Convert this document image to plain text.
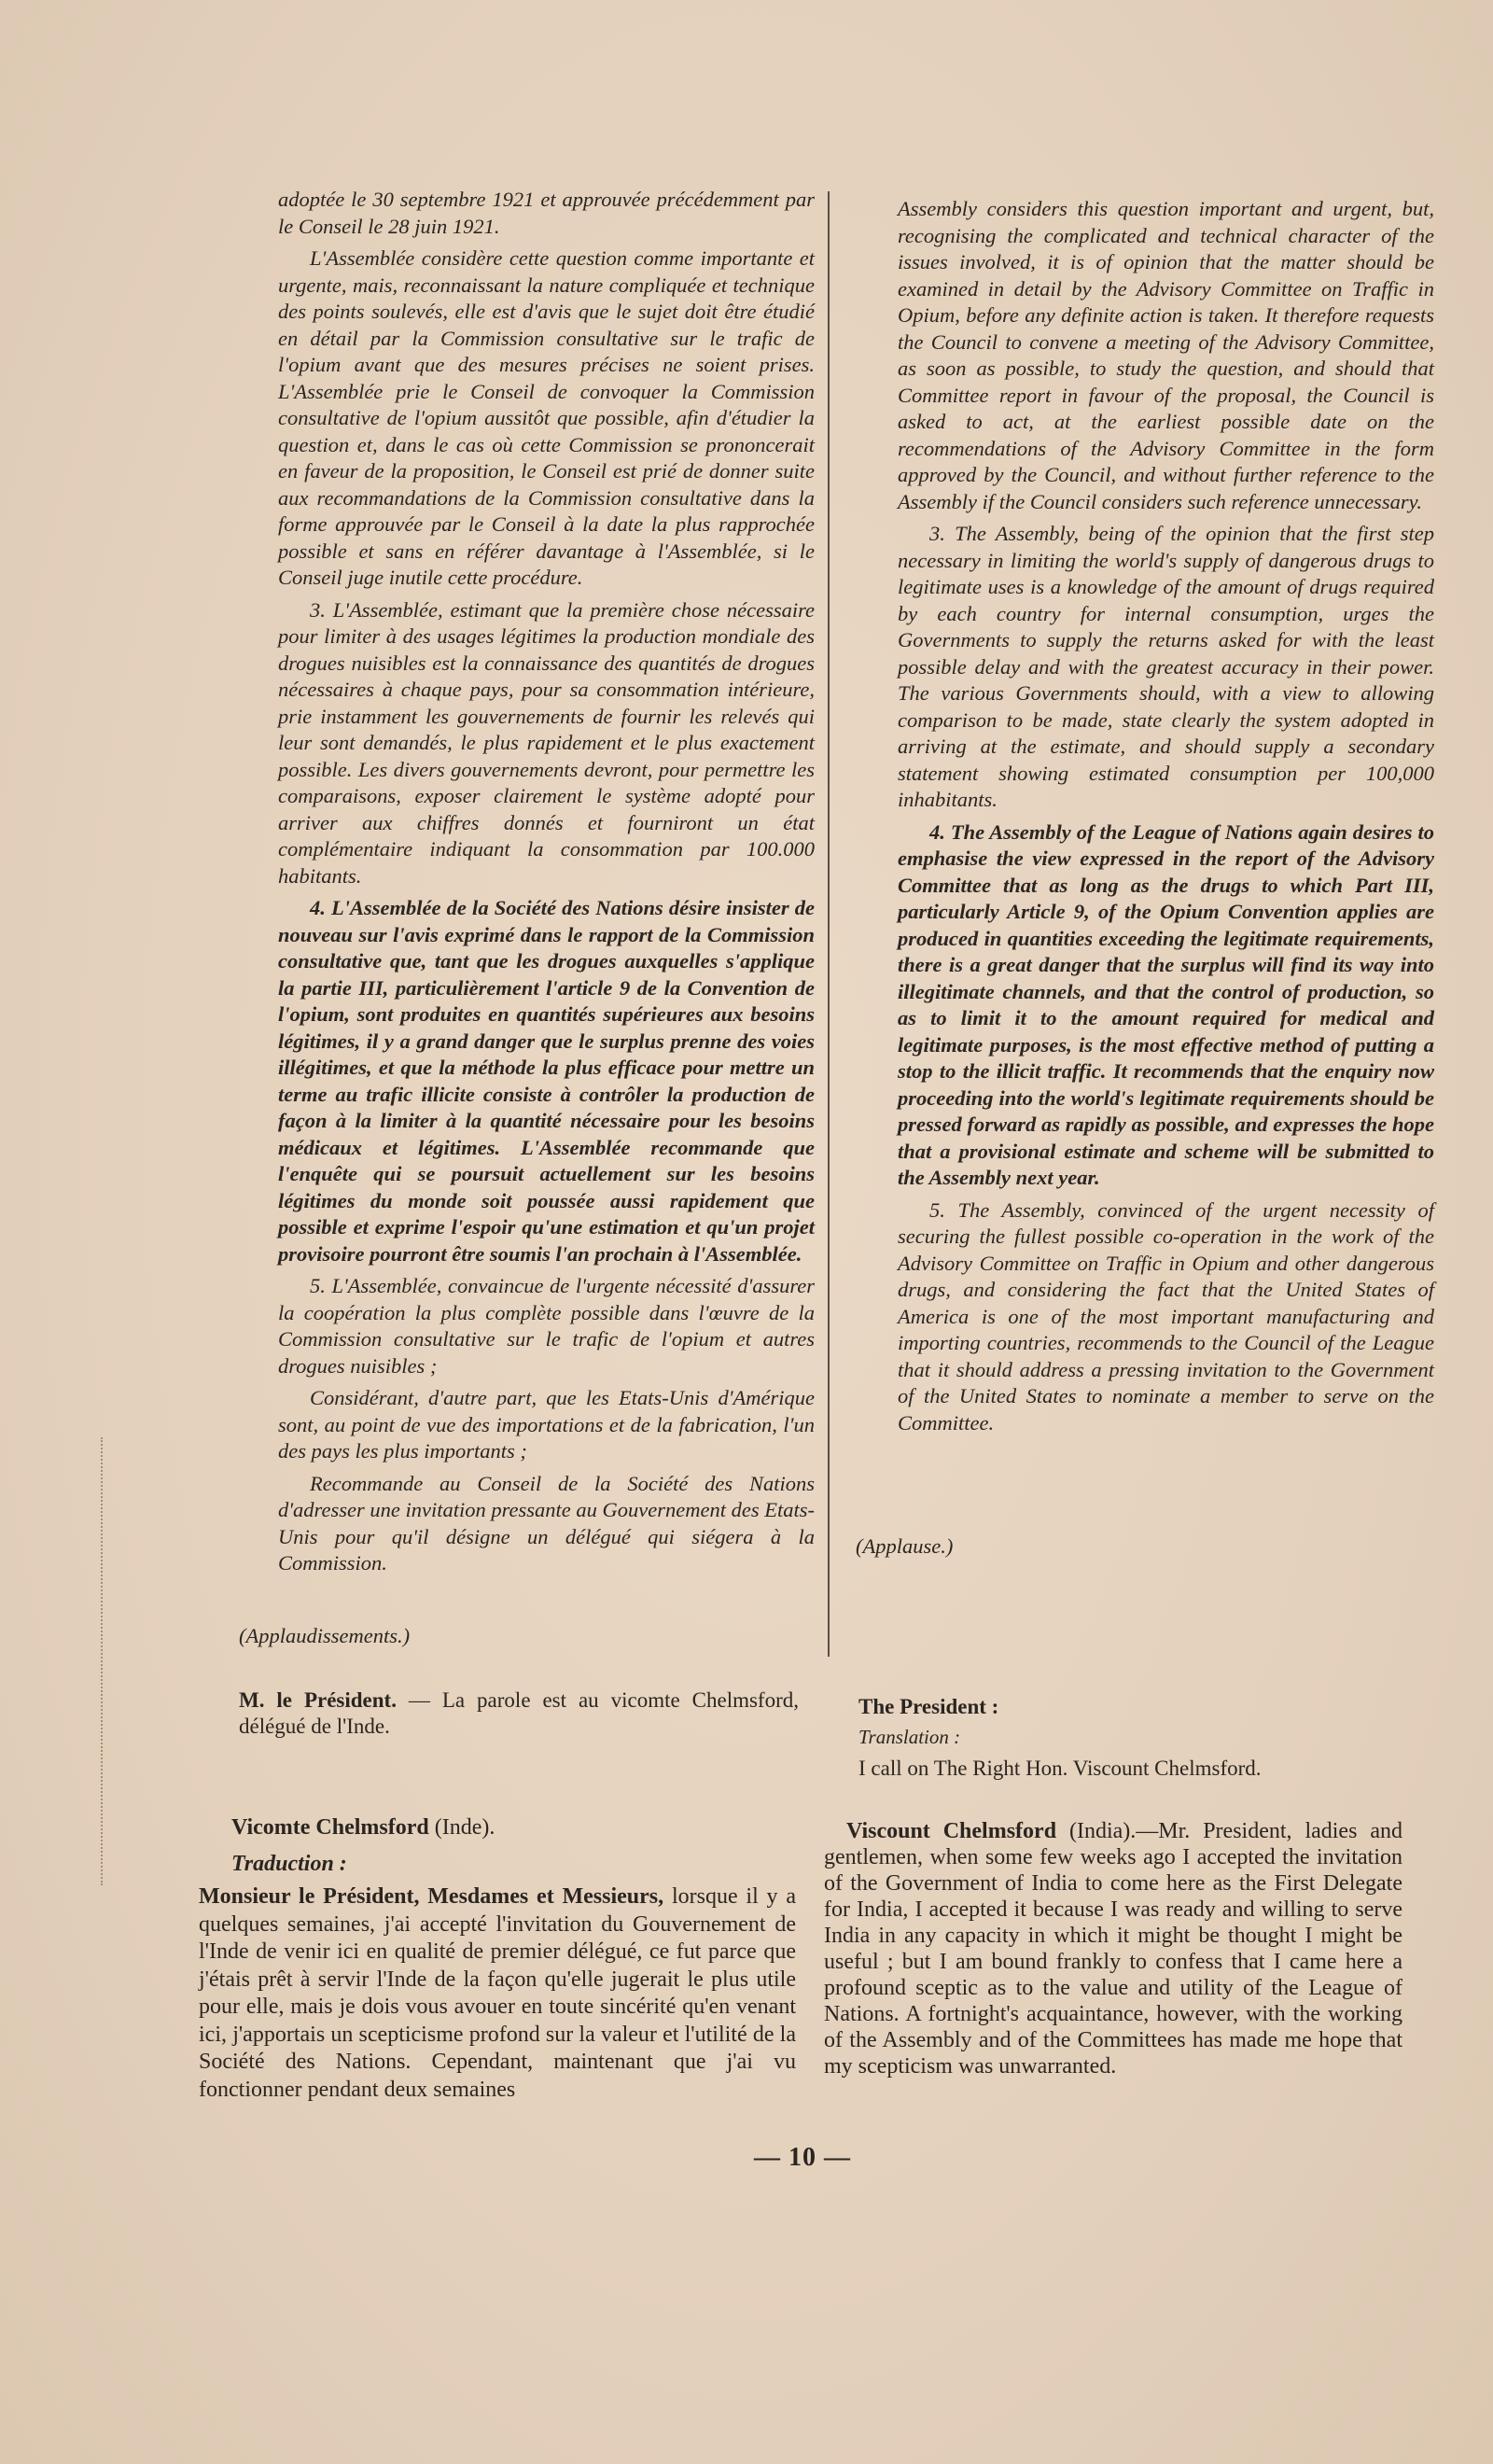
adoptée le 30 septembre 1921 et approuvée précédemment par le Conseil le 28 juin 1921.

L'Assemblée considère cette question comme importante et urgente, mais, reconnaissant la nature compliquée et technique des points soulevés, elle est d'avis que le sujet doit être étudié en détail par la Commission consultative sur le trafic de l'opium avant que des mesures précises ne soient prises. L'Assemblée prie le Conseil de convoquer la Commission consultative de l'opium aussitôt que possible, afin d'étudier la question et, dans le cas où cette Commission se prononcerait en faveur de la proposition, le Conseil est prié de donner suite aux recommandations de la Commission consultative dans la forme approuvée par le Conseil à la date la plus rapprochée possible et sans en référer davantage à l'Assemblée, si le Conseil juge inutile cette procédure.

3. L'Assemblée, estimant que la première chose nécessaire pour limiter à des usages légitimes la production mondiale des drogues nuisibles est la connaissance des quantités de drogues nécessaires à chaque pays, pour sa consommation intérieure, prie instamment les gouvernements de fournir les relevés qui leur sont demandés, le plus rapidement et le plus exactement possible. Les divers gouvernements devront, pour permettre les comparaisons, exposer clairement le système adopté pour arriver aux chiffres donnés et fourniront un état complémentaire indiquant la consommation par 100.000 habitants.

4. L'Assemblée de la Société des Nations désire insister de nouveau sur l'avis exprimé dans le rapport de la Commission consultative que, tant que les drogues auxquelles s'applique la partie III, particulièrement l'article 9 de la Convention de l'opium, sont produites en quantités supérieures aux besoins légitimes, il y a grand danger que le surplus prenne des voies illégitimes, et que la méthode la plus efficace pour mettre un terme au trafic illicite consiste à contrôler la production de façon à la limiter à la quantité nécessaire pour les besoins médicaux et légitimes. L'Assemblée recommande que l'enquête qui se poursuit actuellement sur les besoins légitimes du monde soit poussée aussi rapidement que possible et exprime l'espoir qu'une estimation et qu'un projet provisoire pourront être soumis l'an prochain à l'Assemblée.

5. L'Assemblée, convaincue de l'urgente nécessité d'assurer la coopération la plus complète possible dans l'œuvre de la Commission consultative sur le trafic de l'opium et autres drogues nuisibles ;

Considérant, d'autre part, que les Etats-Unis d'Amérique sont, au point de vue des importations et de la fabrication, l'un des pays les plus importants ;

Recommande au Conseil de la Société des Nations d'adresser une invitation pressante au Gouvernement des Etats-Unis pour qu'il désigne un délégué qui siégera à la Commission.

Assembly considers this question important and urgent, but, recognising the complicated and technical character of the issues involved, it is of opinion that the matter should be examined in detail by the Advisory Committee on Traffic in Opium, before any definite action is taken. It therefore requests the Council to convene a meeting of the Advisory Committee, as soon as possible, to study the question, and should that Committee report in favour of the proposal, the Council is asked to act, at the earliest possible date on the recommendations of the Advisory Committee in the form approved by the Council, and without further reference to the Assembly if the Council considers such reference unnecessary.

3. The Assembly, being of the opinion that the first step necessary in limiting the world's supply of dangerous drugs to legitimate uses is a knowledge of the amount of drugs required by each country for internal consumption, urges the Governments to supply the returns asked for with the least possible delay and with the greatest accuracy in their power. The various Governments should, with a view to allowing comparison to be made, state clearly the system adopted in arriving at the estimate, and should supply a secondary statement showing estimated consumption per 100,000 inhabitants.

4. The Assembly of the League of Nations again desires to emphasise the view expressed in the report of the Advisory Committee that as long as the drugs to which Part III, particularly Article 9, of the Opium Convention applies are produced in quantities exceeding the legitimate requirements, there is a great danger that the surplus will find its way into illegitimate channels, and that the control of production, so as to limit it to the amount required for medical and legitimate purposes, is the most effective method of putting a stop to the illicit traffic. It recommends that the enquiry now proceeding into the world's legitimate requirements should be pressed forward as rapidly as possible, and expresses the hope that a provisional estimate and scheme will be submitted to the Assembly next year.

5. The Assembly, convinced of the urgent necessity of securing the fullest possible co-operation in the work of the Advisory Committee on Traffic in Opium and other dangerous drugs, and considering the fact that the United States of America is one of the most important manufacturing and importing countries, recommends to the Council of the League that it should address a pressing invitation to the Government of the United States to nominate a member to serve on the Committee.

(Applaudissements.)
(Applause.)
M. le Président. — La parole est au vicomte Chelmsford, délégué de l'Inde.
The President :
Translation :
I call on The Right Hon. Viscount Chelmsford.
Vicomte Chelmsford (Inde).
Traduction :
Monsieur le Président, Mesdames et Messieurs, lorsque il y a quelques semaines, j'ai accepté l'invitation du Gouvernement de l'Inde de venir ici en qualité de premier délégué, ce fut parce que j'étais prêt à servir l'Inde de la façon qu'elle jugerait le plus utile pour elle, mais je dois vous avouer en toute sincérité qu'en venant ici, j'apportais un scepticisme profond sur la valeur et l'utilité de la Société des Nations. Cependant, maintenant que j'ai vu fonctionner pendant deux semaines
Viscount Chelmsford (India).—Mr. President, ladies and gentlemen, when some few weeks ago I accepted the invitation of the Government of India to come here as the First Delegate for India, I accepted it because I was ready and willing to serve India in any capacity in which it might be thought I might be useful ; but I am bound frankly to confess that I came here a profound sceptic as to the value and utility of the League of Nations. A fortnight's acquaintance, however, with the working of the Assembly and of the Committees has made me hope that my scepticism was unwarranted.
— 10 —
